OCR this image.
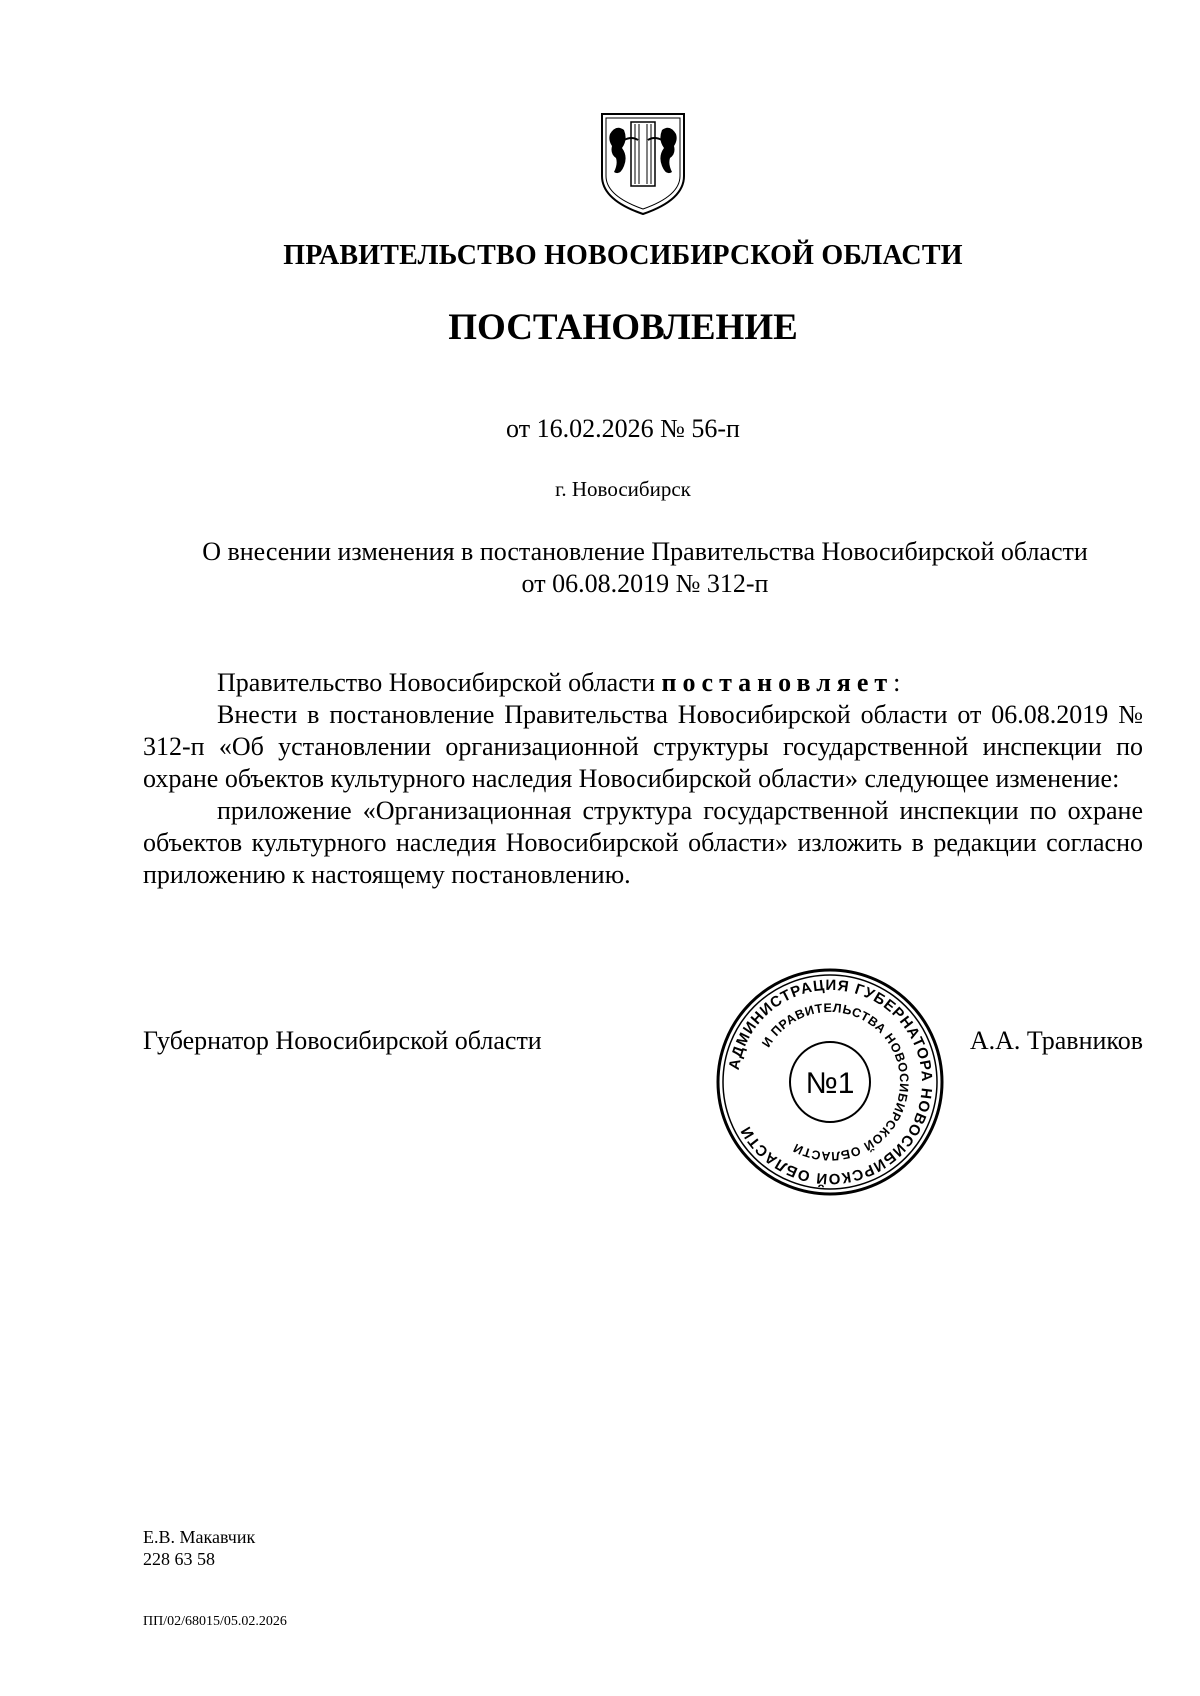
ПРАВИТЕЛЬСТВО НОВОСИБИРСКОЙ ОБЛАСТИ
ПОСТАНОВЛЕНИЕ
от 16.02.2026 № 56-п
г. Новосибирск
О внесении изменения в постановление Правительства Новосибирской области
от 06.08.2019 № 312-п

Правительство Новосибирской области постановляет:

Внести в постановление Правительства Новосибирской области от 06.08.2019 № 312-п «Об установлении организационной структуры государственной инспекции по охране объектов культурного наследия Новосибирской области» следующее изменение:

приложение «Организационная структура государственной инспекции по охране объектов культурного наследия Новосибирской области» изложить в редакции согласно приложению к настоящему постановлению.

Губернатор Новосибирской области	А.А. Травников
АДМИНИСТРАЦИЯ ГУБЕРНАТОРА НОВОСИБИРСКОЙ ОБЛАСТИ
И ПРАВИТЕЛЬСТВА НОВОСИБИРСКОЙ ОБЛАСТИ
№1
Е.В. Макавчик
228 63 58
ПП/02/68015/05.02.2026
